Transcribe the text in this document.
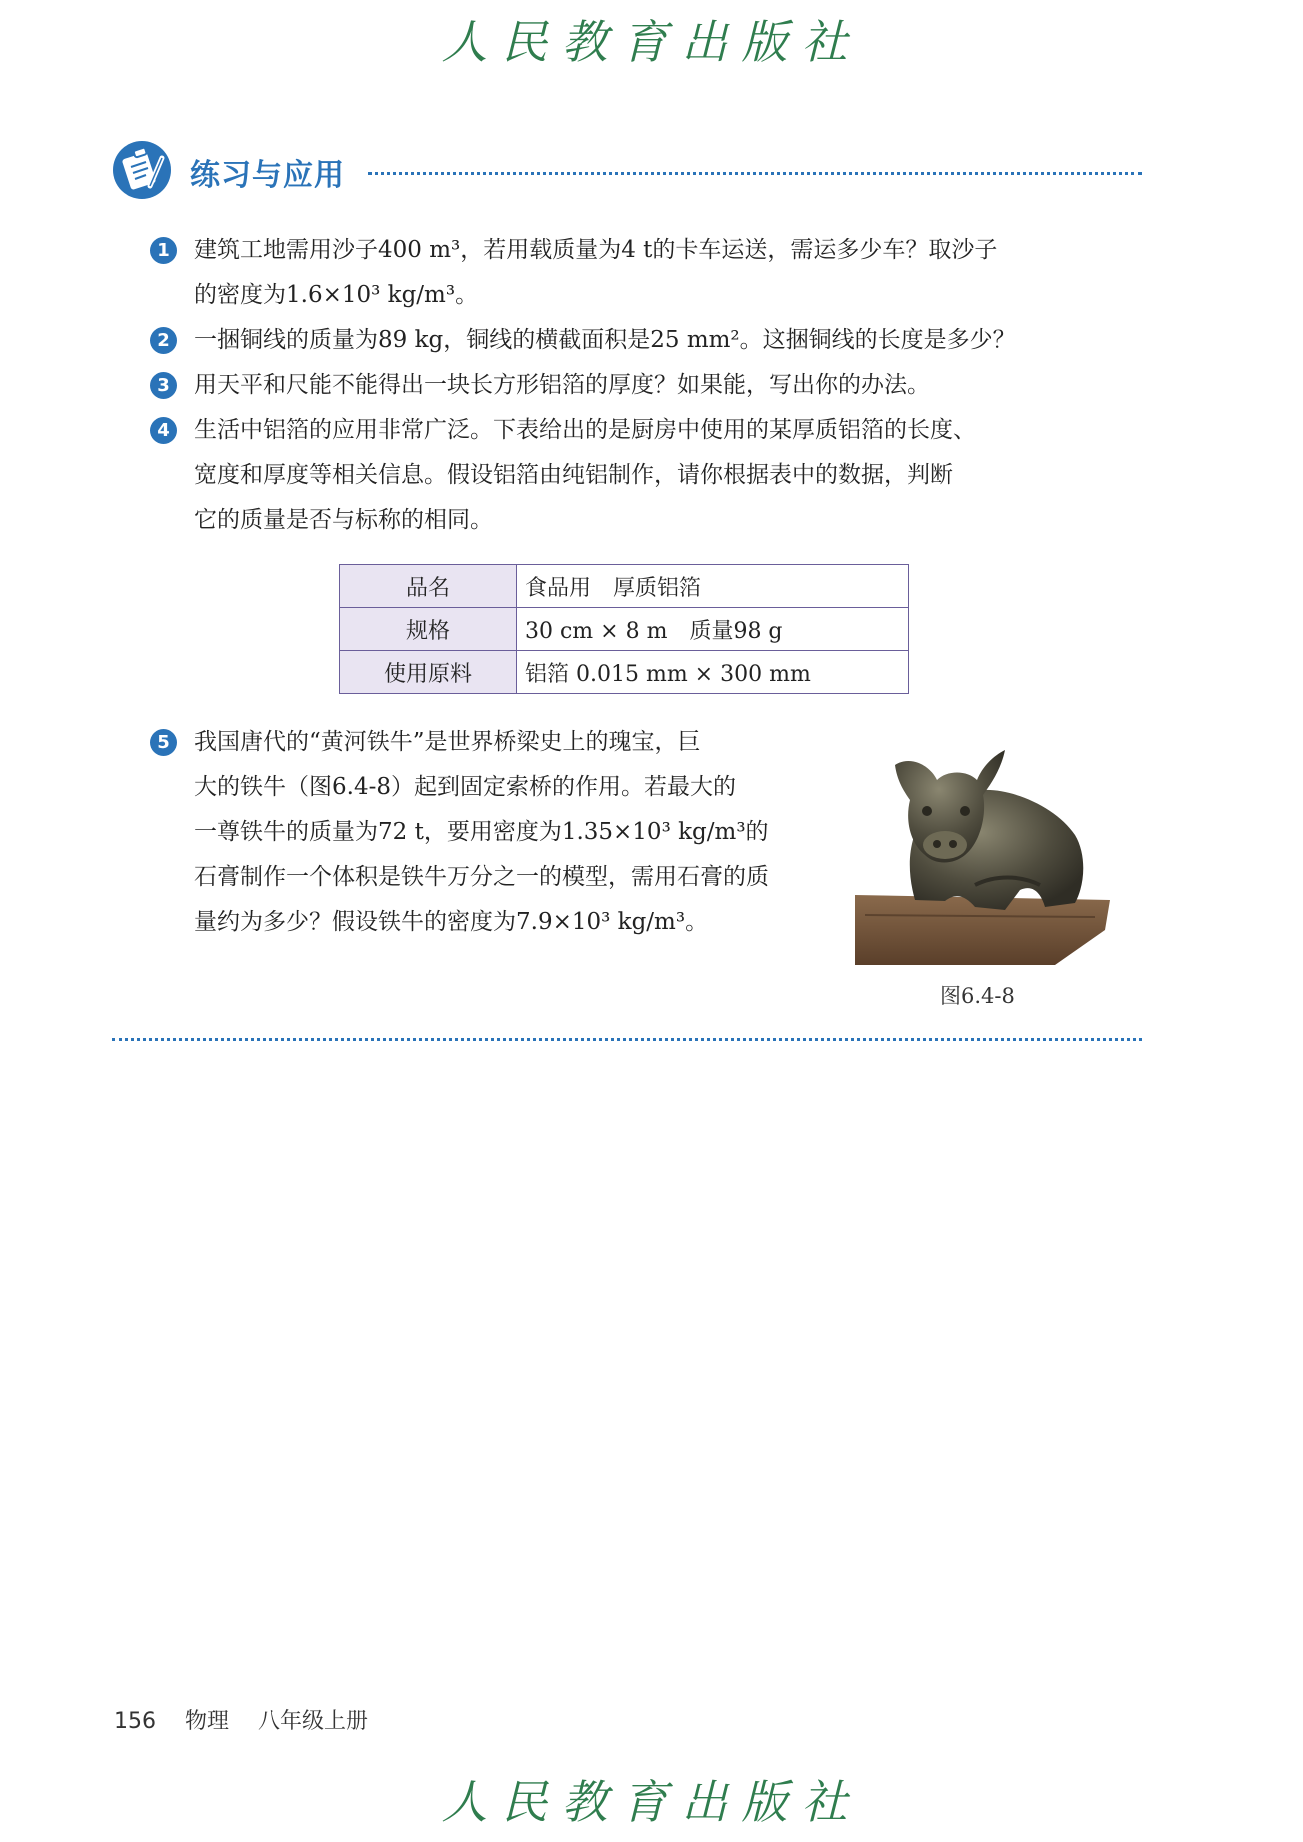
人民教育出版社
练习与应用
1	建筑工地需用沙子400 m³，若用载质量为4 t的卡车运送，需运多少车？取沙子
的密度为1.6×10³ kg/m³。
2	一捆铜线的质量为89 kg，铜线的横截面积是25 mm²。这捆铜线的长度是多少？
3	用天平和尺能不能得出一块长方形铝箔的厚度？如果能，写出你的办法。
4	生活中铝箔的应用非常广泛。下表给出的是厨房中使用的某厚质铝箔的长度、
宽度和厚度等相关信息。假设铝箔由纯铝制作，请你根据表中的数据，判断
它的质量是否与标称的相同。
品名	食品用　厚质铝箔
规格	30 cm × 8 m　质量98 g
使用原料	铝箔 0.015 mm × 300 mm
5	我国唐代的“黄河铁牛”是世界桥梁史上的瑰宝，巨
大的铁牛（图6.4-8）起到固定索桥的作用。若最大的
一尊铁牛的质量为72 t，要用密度为1.35×10³ kg/m³的
石膏制作一个体积是铁牛万分之一的模型，需用石膏的质
量约为多少？假设铁牛的密度为7.9×10³ kg/m³。
图6.4-8
156 物理 八年级上册
人民教育出版社
